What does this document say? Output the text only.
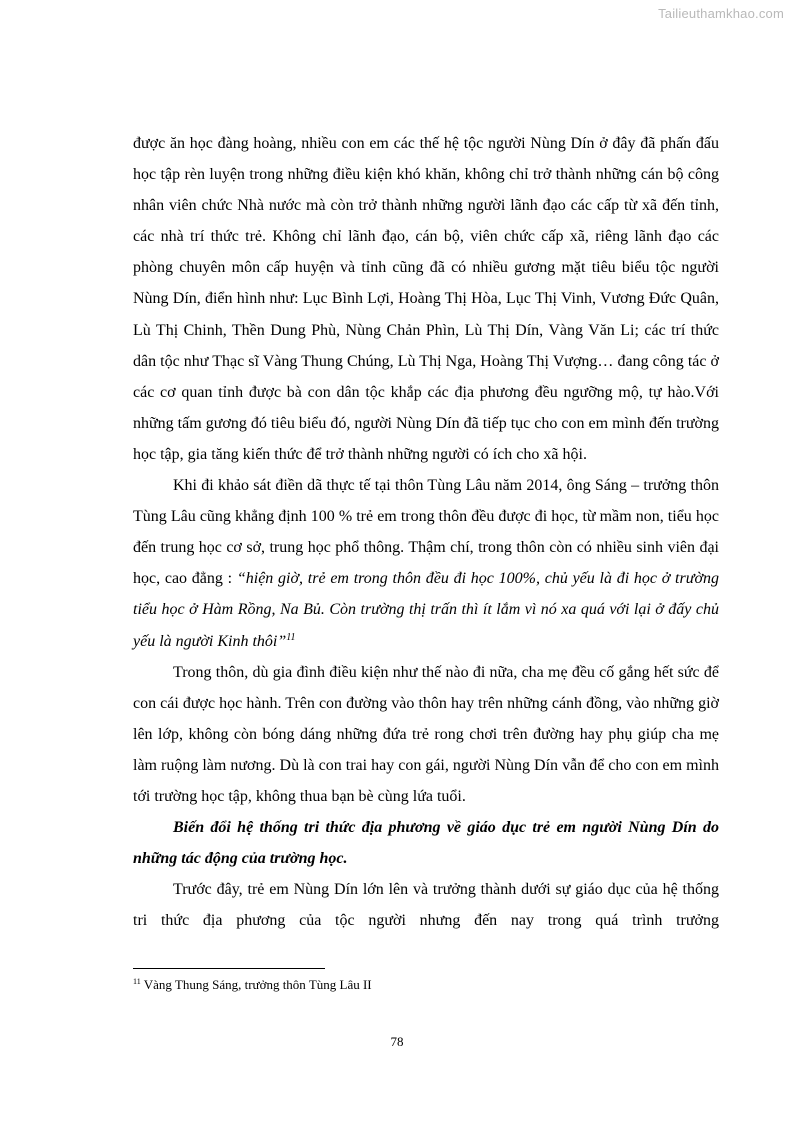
Tailieuthamkhao.com

được ăn học đàng hoàng, nhiều con em các thế hệ tộc người Nùng Dín ở đây đã phấn đấu học tập rèn luyện trong những điều kiện khó khăn, không chỉ trở thành những cán bộ công nhân viên chức Nhà nước mà còn trở thành những người lãnh đạo các cấp từ xã đến tỉnh, các nhà trí thức trẻ. Không chỉ lãnh đạo, cán bộ, viên chức cấp xã, riêng lãnh đạo các phòng chuyên môn cấp huyện và tỉnh cũng đã có nhiều gương mặt tiêu biểu tộc người Nùng Dín, điển hình như: Lục Bình Lợi, Hoàng Thị Hòa, Lục Thị Vinh, Vương Đức Quân, Lù Thị Chinh, Thền Dung Phù, Nùng Chản Phìn, Lù Thị Dín, Vàng Văn Li; các trí thức dân tộc như Thạc sĩ Vàng Thung Chúng, Lù Thị Nga, Hoàng Thị Vượng… đang công tác ở các cơ quan tỉnh được bà con dân tộc khắp các địa phương đều ngưỡng mộ, tự hào.Với những tấm gương đó tiêu biểu đó, người Nùng Dín đã tiếp tục cho con em mình đến trường học tập, gia tăng kiến thức để trở thành những người có ích cho xã hội.

Khi đi khảo sát điền dã thực tế tại thôn Tùng Lâu năm 2014, ông Sáng – trưởng thôn Tùng Lâu cũng khẳng định 100 % trẻ em trong thôn đều được đi học, từ mầm non, tiểu học đến trung học cơ sở, trung học phổ thông. Thậm chí, trong thôn còn có nhiều sinh viên đại học, cao đẳng : “hiện giờ, trẻ em trong thôn đều đi học 100%, chủ yếu là đi học ở trường tiểu học ở Hàm Rồng, Na Bủ. Còn trường thị trấn thì ít lắm vì nó xa quá với lại ở đấy chủ yếu là người Kinh thôi”$^{11}$

Trong thôn, dù gia đình điều kiện như thế nào đi nữa, cha mẹ đều cố gắng hết sức để con cái được học hành. Trên con đường vào thôn hay trên những cánh đồng, vào những giờ lên lớp, không còn bóng dáng những đứa trẻ rong chơi trên đường hay phụ giúp cha mẹ làm ruộng làm nương. Dù là con trai hay con gái, người Nùng Dín vẫn để cho con em mình tới trường học tập, không thua bạn bè cùng lứa tuổi.

Biến đổi hệ thống tri thức địa phương về giáo dục trẻ em người Nùng Dín do những tác động của trường học.

Trước đây, trẻ em Nùng Dín lớn lên và trưởng thành dưới sự giáo dục của hệ thống tri thức địa phương của tộc người nhưng đến nay trong quá trình trưởng

$^{11}$ Vàng Thung Sáng, trưởng thôn Tùng Lâu II
78
